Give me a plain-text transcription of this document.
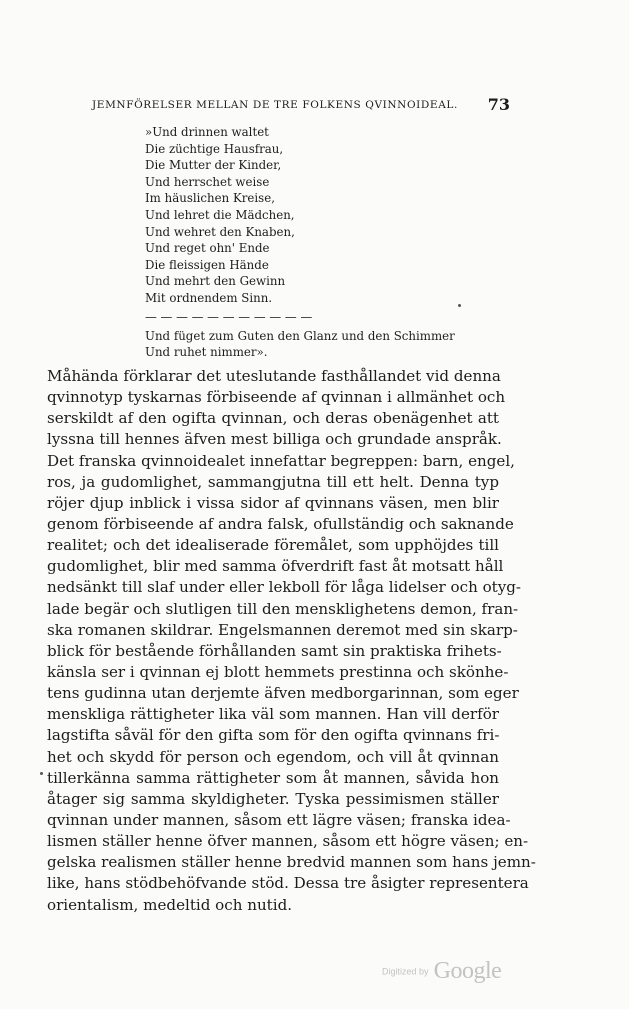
JEMNFÖRELSER MELLAN DE TRE FOLKENS QVINNOIDEAL. 73
»Und drinnen waltet
Die züchtige Hausfrau,
Die Mutter der Kinder,
Und herrschet weise
Im häuslichen Kreise,
Und lehret die Mädchen,
Und wehret den Knaben,
Und reget ohn' Ende
Die fleissigen Hände
Und mehrt den Gewinn
Mit ordnendem Sinn.
— — — — — — — — — — —
Und füget zum Guten den Glanz und den Schimmer
Und ruhet nimmer».
Måhända förklarar det uteslutande fasthållandet vid denna
qvinnotyp tyskarnas förbiseende af qvinnan i allmänhet och
serskildt af den ogifta qvinnan, och deras obenägenhet att
lyssna till hennes äfven mest billiga och grundade anspråk.
Det franska qvinnoidealet innefattar begreppen: barn, engel,
ros, ja gudomlighet, sammangjutna till ett helt. Denna typ
röjer djup inblick i vissa sidor af qvinnans väsen, men blir
genom förbiseende af andra falsk, ofullständig och saknande
realitet; och det idealiserade föremålet, som upphöjdes till
gudomlighet, blir med samma öfverdrift fast åt motsatt håll
nedsänkt till slaf under eller lekboll för låga lidelser och otyg-
lade begär och slutligen till den mensklighetens demon, fran-
ska romanen skildrar. Engelsmannen deremot med sin skarp-
blick för bestående förhållanden samt sin praktiska frihets-
känsla ser i qvinnan ej blott hemmets prestinna och skönhe-
tens gudinna utan derjemte äfven medborgarinnan, som eger
menskliga rättigheter lika väl som mannen. Han vill derför
lagstifta såväl för den gifta som för den ogifta qvinnans fri-
het och skydd för person och egendom, och vill åt qvinnan
tillerkänna samma rättigheter som åt mannen, såvida hon
åtager sig samma skyldigheter. Tyska pessimismen ställer
qvinnan under mannen, såsom ett lägre väsen; franska idea-
lismen ställer henne öfver mannen, såsom ett högre väsen; en-
gelska realismen ställer henne bredvid mannen som hans jemn-
like, hans stödbehöfvande stöd. Dessa tre åsigter representera
orientalism, medeltid och nutid.
Digitized by Google
